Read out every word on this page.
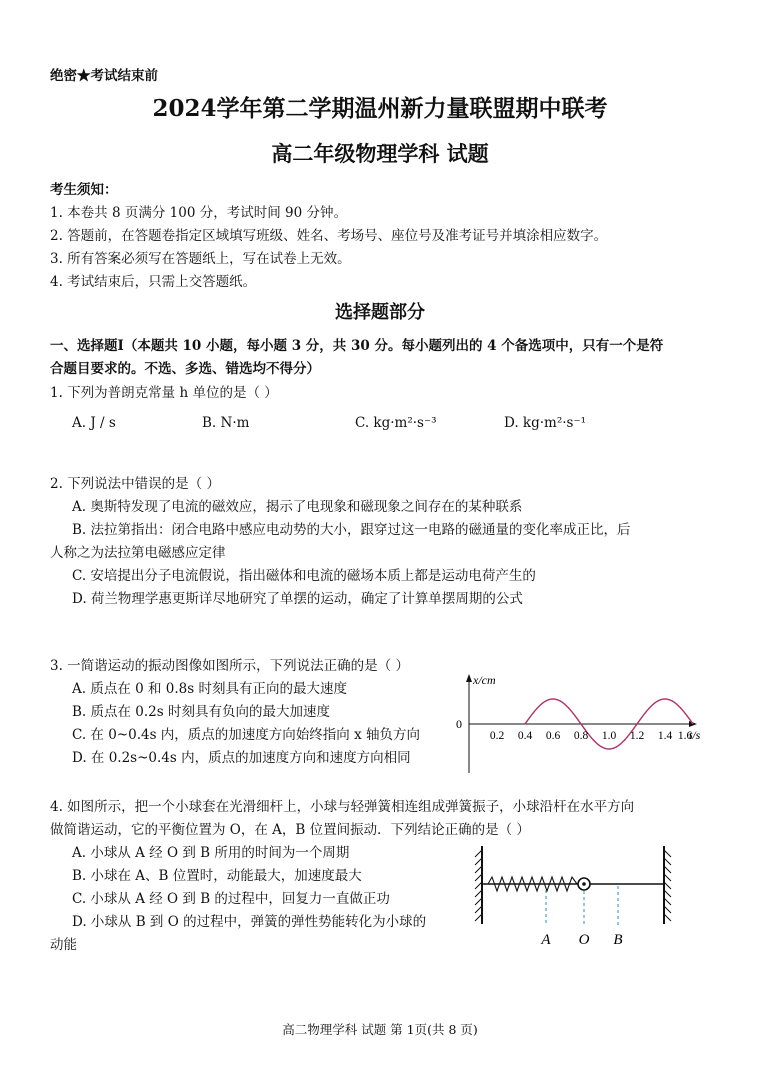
绝密★考试结束前
2024学年第二学期温州新力量联盟期中联考
高二年级物理学科 试题
考生须知：
1. 本卷共 8 页满分 100 分，考试时间 90 分钟。
2. 答题前，在答题卷指定区域填写班级、姓名、考场号、座位号及准考证号并填涂相应数字。
3. 所有答案必须写在答题纸上，写在试卷上无效。
4. 考试结束后，只需上交答题纸。
选择题部分
一、选择题Ⅰ（本题共 10 小题，每小题 3 分，共 30 分。每小题列出的 4 个备选项中，只有一个是符
合题目要求的。不选、多选、错选均不得分）
1. 下列为普朗克常量 h 单位的是（ ）
A. J / s	B. N·m	C. kg·m²·s⁻³	D. kg·m²·s⁻¹
2. 下列说法中错误的是（ ）
A. 奥斯特发现了电流的磁效应，揭示了电现象和磁现象之间存在的某种联系
B. 法拉第指出：闭合电路中感应电动势的大小，跟穿过这一电路的磁通量的变化率成正比，后
人称之为法拉第电磁感应定律
C. 安培提出分子电流假说，指出磁体和电流的磁场本质上都是运动电荷产生的
D. 荷兰物理学惠更斯详尽地研究了单摆的运动，确定了计算单摆周期的公式
3. 一简谐运动的振动图像如图所示，下列说法正确的是（ ）
A. 质点在 0 和 0.8s 时刻具有正向的最大速度
B. 质点在 0.2s 时刻具有负向的最大加速度
C. 在 0~0.4s 内，质点的加速度方向始终指向 x 轴负方向
D. 在 0.2s~0.4s 内，质点的加速度方向和速度方向相同
x/cm
0
t/s
0.2 0.4 0.6 0.8 1.0 1.2 1.4 1.6
4. 如图所示，把一个小球套在光滑细杆上，小球与轻弹簧相连组成弹簧振子，小球沿杆在水平方向
做简谐运动，它的平衡位置为 O，在 A，B 位置间振动．下列结论正确的是（ ）
A. 小球从 A 经 O 到 B 所用的时间为一个周期
B. 小球在 A、B 位置时，动能最大，加速度最大
C. 小球从 A 经 O 到 B 的过程中，回复力一直做正功
D. 小球从 B 到 O 的过程中，弹簧的弹性势能转化为小球的
动能	A O B
高二物理学科 试题 第 1页(共 8 页)
